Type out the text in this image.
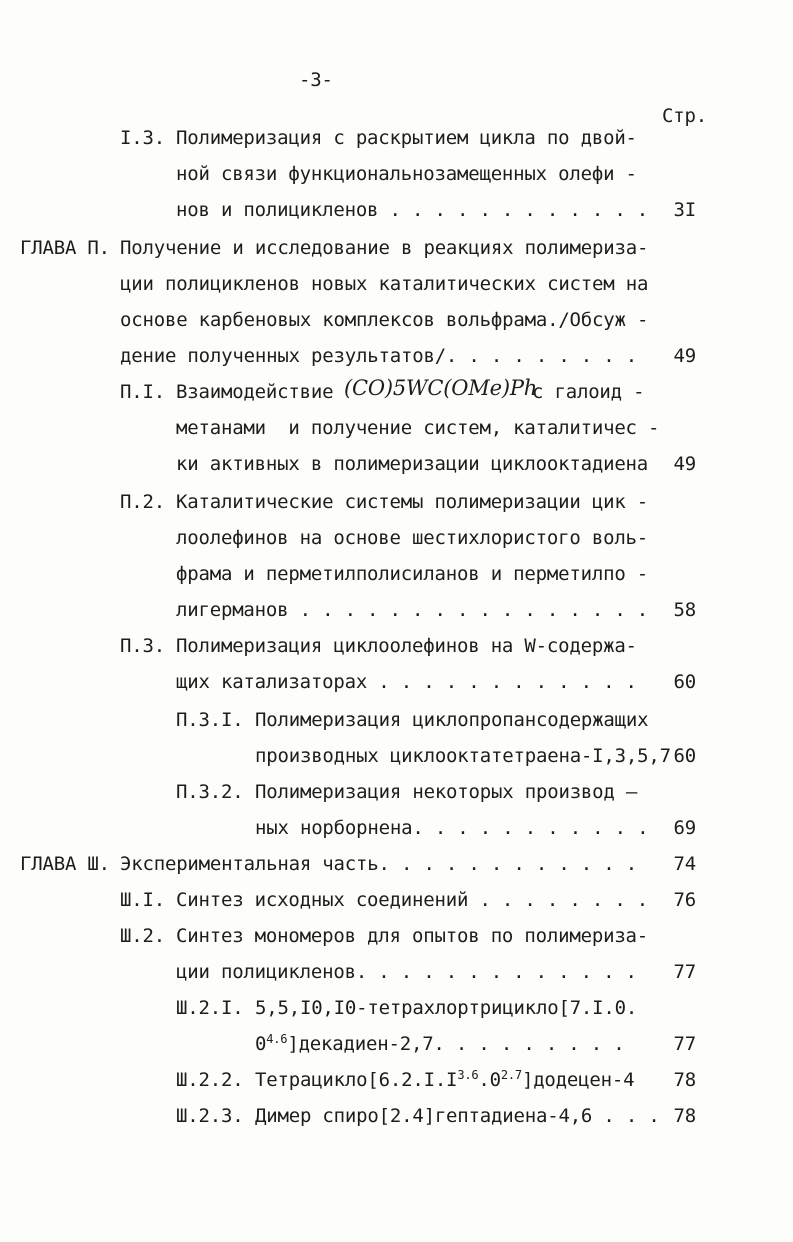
-3-
Стр.
I.3. Полимеризация с раскрытием цикла по двой-
ной связи функциональнозамещенных олефи -
нов и полицикленов . . . . . . . . . . . .	3I
ГЛАВА П. Получение и исследование в реакциях полимериза-
ции полицикленов новых каталитических систем на
основе карбеновых комплексов вольфрама./Обсуж -
дение полученных результатов/. . . . . . . . .	49
П.I. Взаимодействие (CO)5WC(OMe)Ph
с галоид -
метанами  и получение систем, каталитичес -
ки активных в полимеризации циклооктадиена	49
П.2. Каталитические системы полимеризации цик -
лоолефинов на основе шестихлористого воль-
фрама и перметилполисиланов и перметилпо -
лигерманов . . . . . . . . . . . . . . . .	58
П.3. Полимеризация циклоолефинов на W-содержа-
щих катализаторах . . . . . . . . . . . .	60
П.3.I. Полимеризация циклопропансодержащих
производных циклооктатетраена-I,3,5,7 60
П.3.2. Полимеризация некоторых производ —
ных норборнена. . . . . . . . . . .	69
ГЛАВА Ш. Экспериментальная часть. . . . . . . . . . . .	74
Ш.I. Синтез исходных соединений . . . . . . . .	76
Ш.2. Синтез мономеров для опытов по полимериза-
ции полицикленов. . . . . . . . . . . . .	77
Ш.2.I. 5,5,I0,I0-тетрахлортрицикло[7.I.0.
$0^{4.6}]декадиен-2,7$. . . . . . . . .	77
Ш.2.2. $Тетрацикло[6.2.I.I^{3.6}.0^{2.7}]додецен-4$	78
Ш.2.3. Димер спиро[2.4]гептадиена-4,6 . . . 78
